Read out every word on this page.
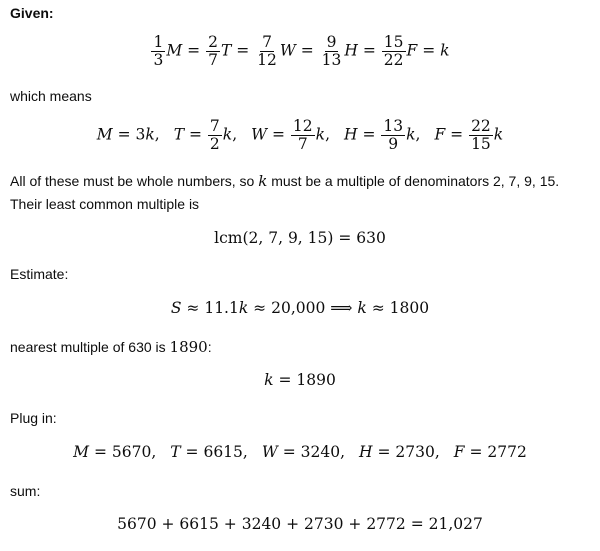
Given:
$\frac{1}{3}$ $M = \frac{2}{7}$ $T = \frac{7}{12}$ $W = \frac{9}{13}$ $H = \frac{15}{22}$ F = k
which means
M = 3k, $T = \frac{7}{2} k$, $W = \frac{12}{7} k$, $H = \frac{13}{9} k$, $F = \frac{22}{15}$ k
All of these must be whole numbers, so k must be a multiple of denominators 2, 7, 9, 15.
Their least common multiple is
lcm(2, 7, 9, 15) = 630
Estimate:
S ≈ 11.1k ≈ 20,000 ⟹ k ≈ 1800
nearest multiple of 630 is 1890:
k = 1890
Plug in:
M = 5670, T = 6615, W = 3240, H = 2730, F = 2772
sum:
5670 + 6615 + 3240 + 2730 + 2772 = 21,027
